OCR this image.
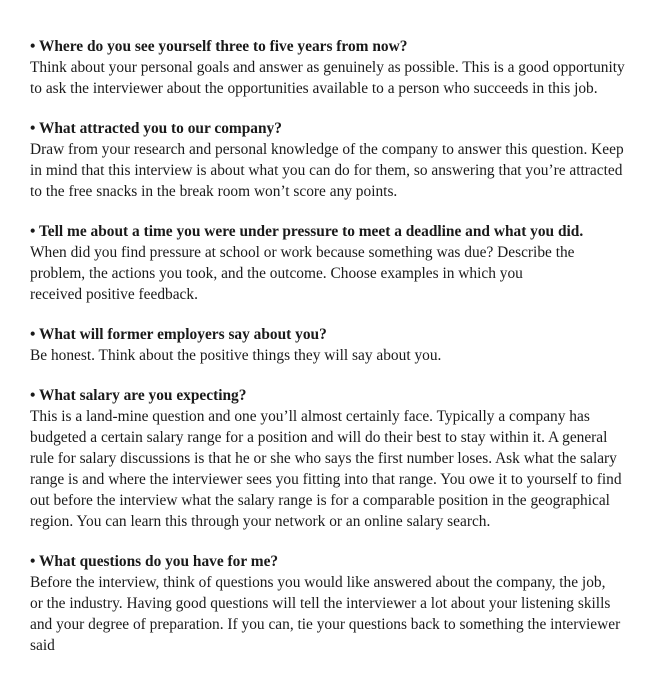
• Where do you see yourself three to five years from now?

Think about your personal goals and answer as genuinely as possible. This is a good opportunity
to ask the interviewer about the opportunities available to a person who succeeds in this job.

• What attracted you to our company?

Draw from your research and personal knowledge of the company to answer this question. Keep
in mind that this interview is about what you can do for them, so answering that you’re attracted
to the free snacks in the break room won’t score any points.

• Tell me about a time you were under pressure to meet a deadline and what you did.

When did you find pressure at school or work because something was due? Describe the
problem, the actions you took, and the outcome. Choose examples in which you
received positive feedback.

• What will former employers say about you?

Be honest. Think about the positive things they will say about you.

• What salary are you expecting?

This is a land-mine question and one you’ll almost certainly face. Typically a company has
budgeted a certain salary range for a position and will do their best to stay within it. A general
rule for salary discussions is that he or she who says the first number loses. Ask what the salary
range is and where the interviewer sees you fitting into that range. You owe it to yourself to find
out before the interview what the salary range is for a comparable position in the geographical
region. You can learn this through your network or an online salary search.

• What questions do you have for me?

Before the interview, think of questions you would like answered about the company, the job,
or the industry. Having good questions will tell the interviewer a lot about your listening skills
and your degree of preparation. If you can, tie your questions back to something the interviewer
said
